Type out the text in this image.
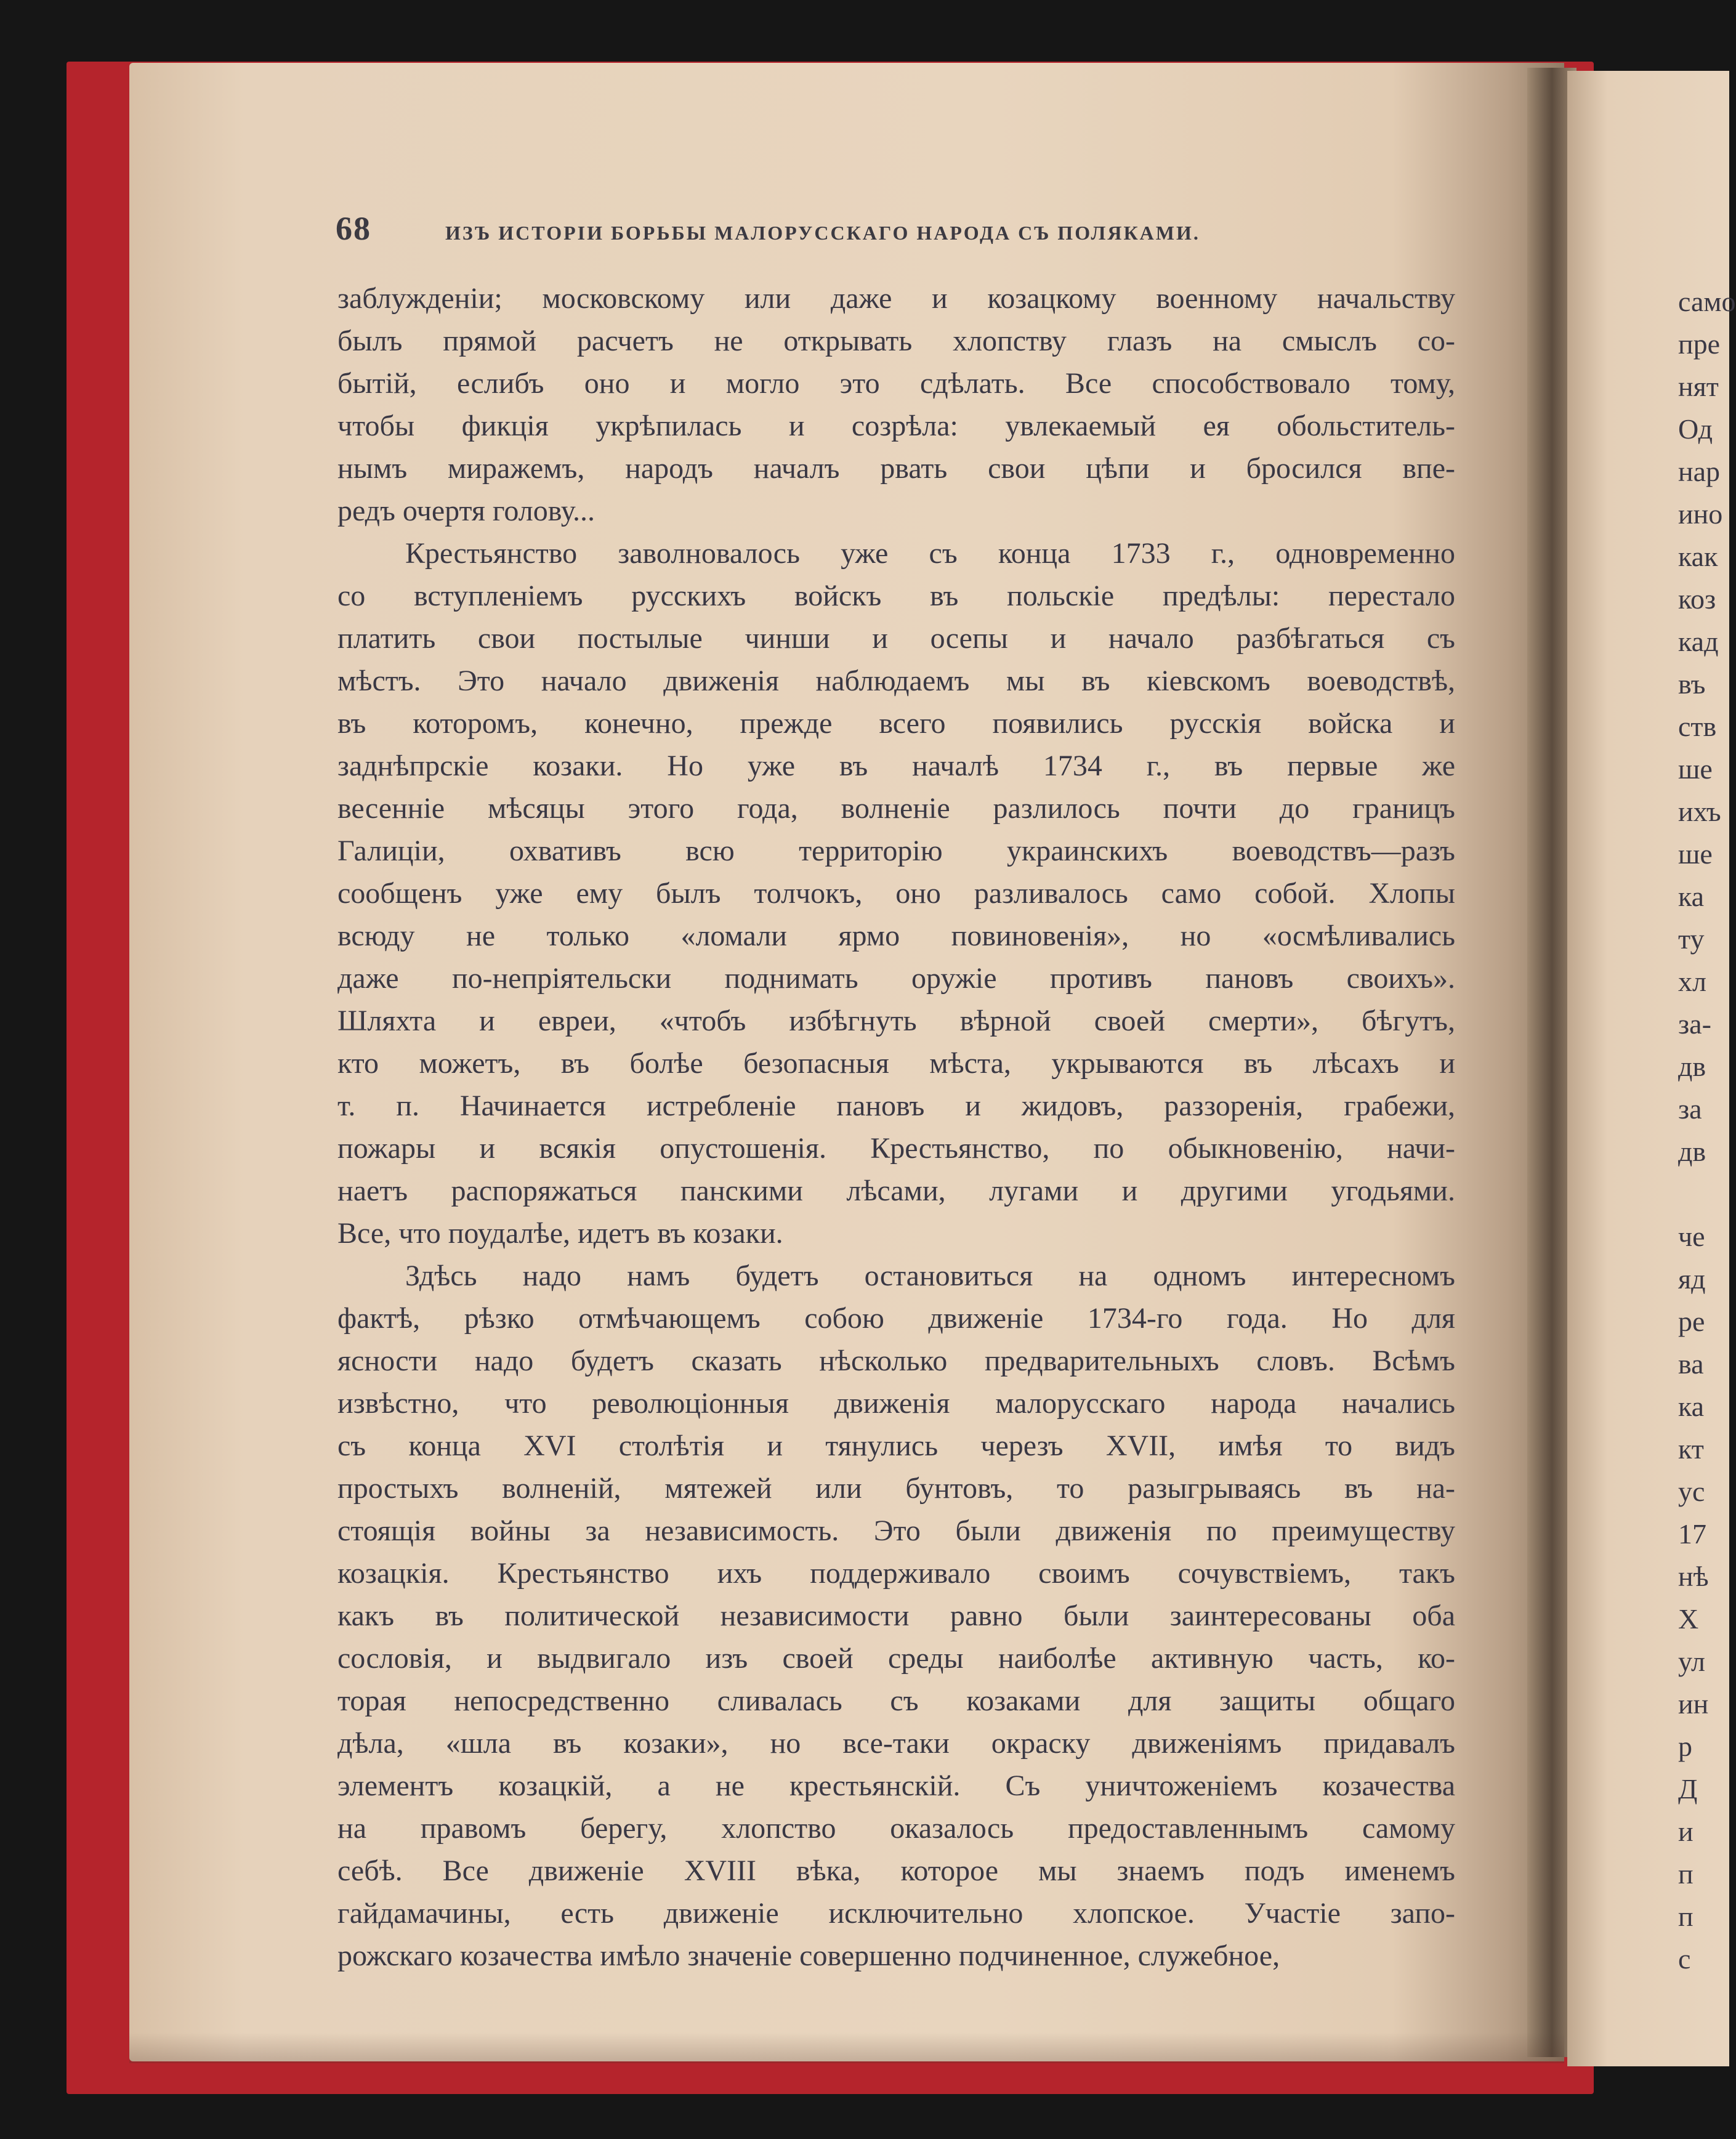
68	ИЗЪ ИСТОРІИ БОРЬБЫ МАЛОРУССКАГО НАРОДА СЪ ПОЛЯКАМИ.
заблужденіи; московскому или даже и козацкому военному начальству
былъ прямой расчетъ не открывать хлопству глазъ на смыслъ со-
бытій, еслибъ оно и могло это сдѣлать. Все способствовало тому,
чтобы фикція укрѣпилась и созрѣла: увлекаемый ея обольститель-
нымъ миражемъ, народъ началъ рвать свои цѣпи и бросился впе-
редъ очертя голову...
Крестьянство заволновалось уже съ конца 1733 г., одновременно
со вступленіемъ русскихъ войскъ въ польскіе предѣлы: перестало
платить свои постылые чинши и осепы и начало разбѣгаться съ
мѣстъ. Это начало движенія наблюдаемъ мы въ кіевскомъ воеводствѣ,
въ которомъ, конечно, прежде всего появились русскія войска и
заднѣпрскіе козаки. Но уже въ началѣ 1734 г., въ первые же
весенніе мѣсяцы этого года, волненіе разлилось почти до границъ
Галиціи, охвативъ всю территорію украинскихъ воеводствъ—разъ
сообщенъ уже ему былъ толчокъ, оно разливалось само собой. Хлопы
всюду не только «ломали ярмо повиновенія», но «осмѣливались
даже по-непріятельски поднимать оружіе противъ пановъ своихъ».
Шляхта и евреи, «чтобъ избѣгнуть вѣрной своей смерти», бѣгутъ,
кто можетъ, въ болѣе безопасныя мѣста, укрываются въ лѣсахъ и
т. п. Начинается истребленіе пановъ и жидовъ, раззоренія, грабежи,
пожары и всякія опустошенія. Крестьянство, по обыкновенію, начи-
наетъ распоряжаться панскими лѣсами, лугами и другими угодьями.
Все, что поудалѣе, идетъ въ козаки.
Здѣсь надо намъ будетъ остановиться на одномъ интересномъ
фактѣ, рѣзко отмѣчающемъ собою движеніе 1734-го года. Но для
ясности надо будетъ сказать нѣсколько предварительныхъ словъ. Всѣмъ
извѣстно, что революціонныя движенія малорусскаго народа начались
съ конца XVI столѣтія и тянулись черезъ XVII, имѣя то видъ
простыхъ волненій, мятежей или бунтовъ, то разыгрываясь въ на-
стоящія войны за независимость. Это были движенія по преимуществу
козацкія. Крестьянство ихъ поддерживало своимъ сочувствіемъ, такъ
какъ въ политической независимости равно были заинтересованы оба
сословія, и выдвигало изъ своей среды наиболѣе активную часть, ко-
торая непосредственно сливалась съ козаками для защиты общаго
дѣла, «шла въ козаки», но все-таки окраску движеніямъ придавалъ
элементъ козацкій, а не крестьянскій. Съ уничтоженіемъ козачества
на правомъ берегу, хлопство оказалось предоставленнымъ самому
себѣ. Все движеніе XVIII вѣка, которое мы знаемъ подъ именемъ
гайдамачины, есть движеніе исключительно хлопское. Участіе запо-
рожскаго козачества имѣло значеніе совершенно подчиненное, служебное,
само
пре
нят
Од
нар
ино
как
коз
кад
въ
ств
ше
ихъ
ше
ка
ту
хл
за-
дв
за
дв
че
яд
ре
ва
ка
кт
ус
17
нѣ
Х
ул
ин
р
Д
и
п
п
с
